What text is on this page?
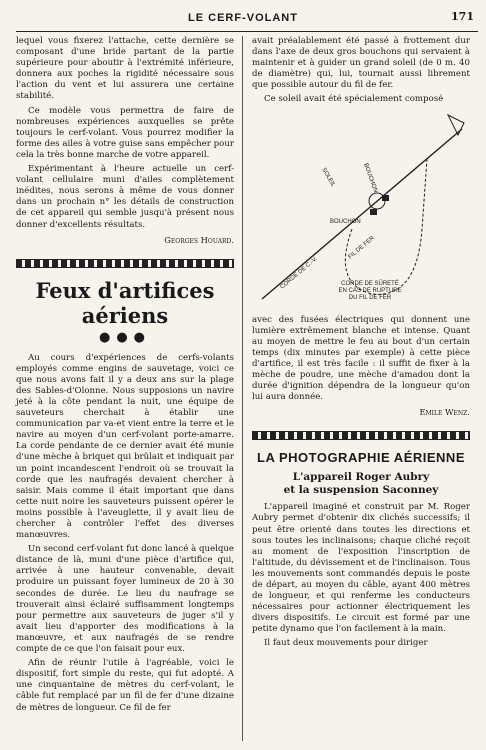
LE CERF-VOLANT	171

lequel vous fixerez l'attache, cette dernière se composant d'une bride partant de la partie supérieure pour aboutir à l'extrémité inférieure, donnera aux poches la rigidité nécessaire sous l'action du vent et lui assurera une certaine stabilité.

Ce modèle vous permettra de faire de nombreuses expériences auxquelles se prête toujours le cerf-volant. Vous pourrez modifier la forme des ailes à votre guise sans empêcher pour cela la très bonne marche de votre appareil.

Expérimentant à l'heure actuelle un cerf-volant cellulaire muni d'ailes complètement inédites, nous serons à même de vous donner dans un prochain n° les détails de construction de cet appareil qui semble jusqu'à présent nous donner d'excellents résultats.

Georges Houard.
Feux d'artifices aériens
●●●

Au cours d'expériences de cerfs-volants employés comme engins de sauvetage, voici ce que nous avons fait il y a deux ans sur la plage des Sables-d'Olonne. Nous supposions un navire jeté à la côte pendant la nuit, une équipe de sauveteurs cherchait à établir une communication par va-et vient entre la terre et le navire au moyen d'un cerf-volant porte-amarre. La corde pendante de ce dernier avait été munie d'une mèche à briquet qui brûlait et indiquait par un point incandescent l'endroit où se trouvait la corde que les naufragés devaient chercher à saisir. Mais comme il était important que dans cette nuit noire les sauveteurs puissent opérer le moins possible à l'aveuglette, il y avait lieu de chercher à contrôler l'effet des diverses manœuvres.

Un second cerf-volant fut donc lancé à quelque distance de là, muni d'une pièce d'artifice qui, arrivée à une hauteur convenable, devait produire un puissant foyer lumineux de 20 à 30 secondes de durée. Le lieu du naufrage se trouverait ainsi éclairé suffisamment longtemps pour permettre aux sauveteurs de juger s'il y avait lieu d'apporter des modifications à la manœuvre, et aux naufragés de se rendre compte de ce que l'on faisait pour eux.

Afin de réunir l'utile à l'agréable, voici le dispositif, fort simple du reste, qui fut adopté. A une cinquantaine de mètres du cerf-volant, le câble fut remplacé par un fil de fer d'une dizaine de mètres de longueur. Ce fil de fer

avait préalablement été passé à frottement dur dans l'axe de deux gros bouchons qui servaient à maintenir et à guider un grand soleil (de 0 m. 40 de diamètre) qui, lui, tournait aussi librement que possible autour du fil de fer.

Ce soleil avait été spécialement composé

SOLEIL	BOUCHON
BOUCHON
FIL DE FER
CORDE DE C.-V.	CORDE DE SÛRETÉ
EN CAS DE RUPTURE
DU FIL DE FER

avec des fusées électriques qui donnent une lumière extrêmement blanche et intense. Quant au moyen de mettre le feu au bout d'un certain temps (dix minutes par exemple) à cette pièce d'artifice, il est très facile : il suffit de fixer à la mèche de poudre, une mèche d'amadou dont la durée d'ignition dépendra de la longueur qu'on lui aura donnée.

Emile Wenz.
LA PHOTOGRAPHIE AÉRIENNE
L'appareil Roger Aubry
et la suspension Saconney

L'appareil imaginé et construit par M. Roger Aubry permet d'obtenir dix clichés successifs; il peut être orienté dans toutes les directions et sous toutes les inclinaisons; chaque cliché reçoit au moment de l'exposition l'inscription de l'altitude, du dévissement et de l'inclinaison. Tous les mouvements sont commandés depuis le poste de départ, au moyen du câble, ayant 400 mètres de longueur, et qui renferme les conducteurs nécessaires pour actionner électriquement les divers dispositifs. Le circuit est formé par une petite dynamo que l'on facilement à la main.

Il faut deux mouvements pour diriger
